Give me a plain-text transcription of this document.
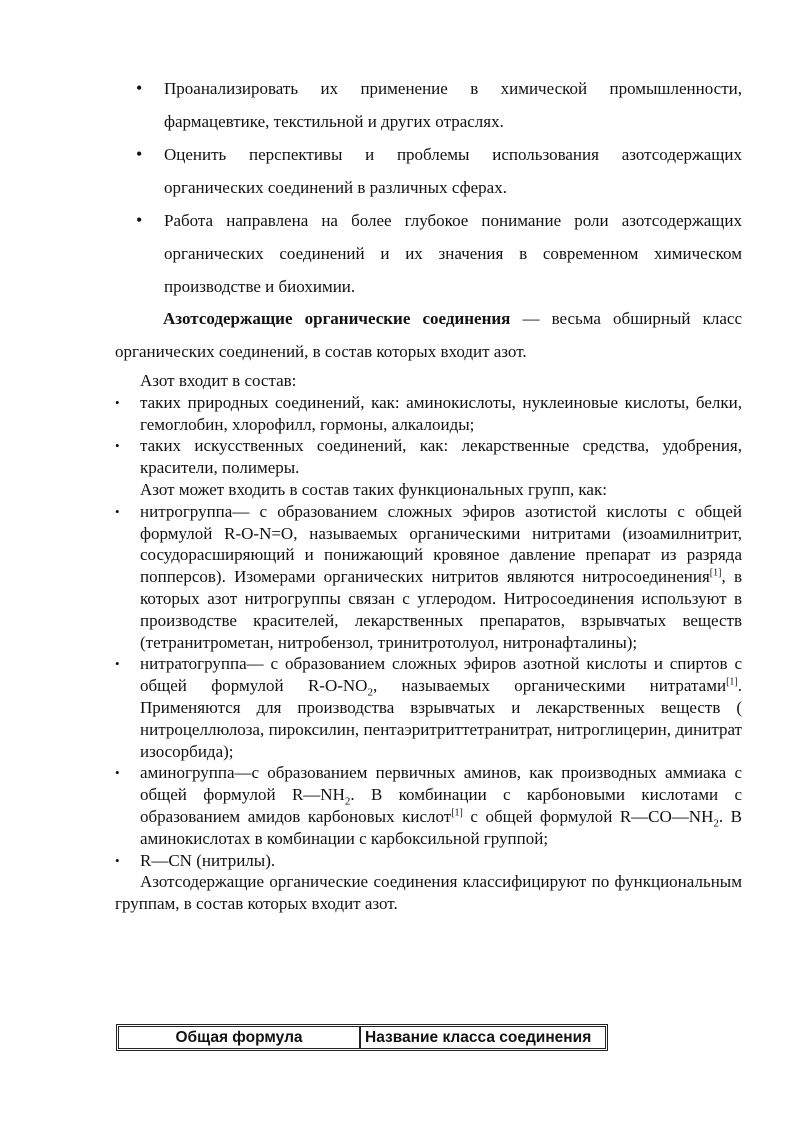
• Проанализировать их применение в химической промышленности, фармацевтике, текстильной и других отраслях.
• Оценить перспективы и проблемы использования азотсодержащих органических соединений в различных сферах.
• Работа направлена на более глубокое понимание роли азотсодержащих органических соединений и их значения в современном химическом производстве и биохимии.

Азотсодержащие органические соединения — весьма обширный класс органических соединений, в состав которых входит азот.

Азот входит в состав:

• таких природных соединений, как: аминокислоты, нуклеиновые кислоты, белки, гемоглобин, хлорофилл, гормоны, алкалоиды;
• таких искусственных соединений, как: лекарственные средства, удобрения, красители, полимеры.

Азот может входить в состав таких функциональных групп, как:

• нитрогруппа— с образованием сложных эфиров азотистой кислоты с общей формулой R-O-N=O, называемых органическими нитритами (изоамилнитрит, сосудорасширяющий и понижающий кровяное давление препарат из разряда попперсов). Изомерами органических нитритов являются нитросоединения[1], в которых азот нитрогруппы связан с углеродом. Нитросоединения используют в производстве красителей, лекарственных препаратов, взрывчатых веществ (тетранитрометан, нитробензол, тринитротолуол, нитронафталины);
• нитратогруппа— с образованием сложных эфиров азотной кислоты и спиртов с общей формулой $R-O-NO_2$, называемых органическими нитратами[1]. Применяются для производства взрывчатых и лекарственных веществ ( нитроцеллюлоза, пироксилин, пентаэритриттетранитрат, нитроглицерин, динитрат изосорбида);
• аминогруппа—с образованием первичных аминов, как производных аммиака с общей формулой $R—NH_2$. В комбинации с карбоновыми кислотами с образованием амидов карбоновых кислот[1] с общей формулой $R—CO—NH_2$. В аминокислотах в комбинации с карбоксильной группой;
• R—CN (нитрилы).

Азотсодержащие органические соединения классифицируют по функциональным группам, в состав которых входит азот.

Общая формула	Название класса соединения
